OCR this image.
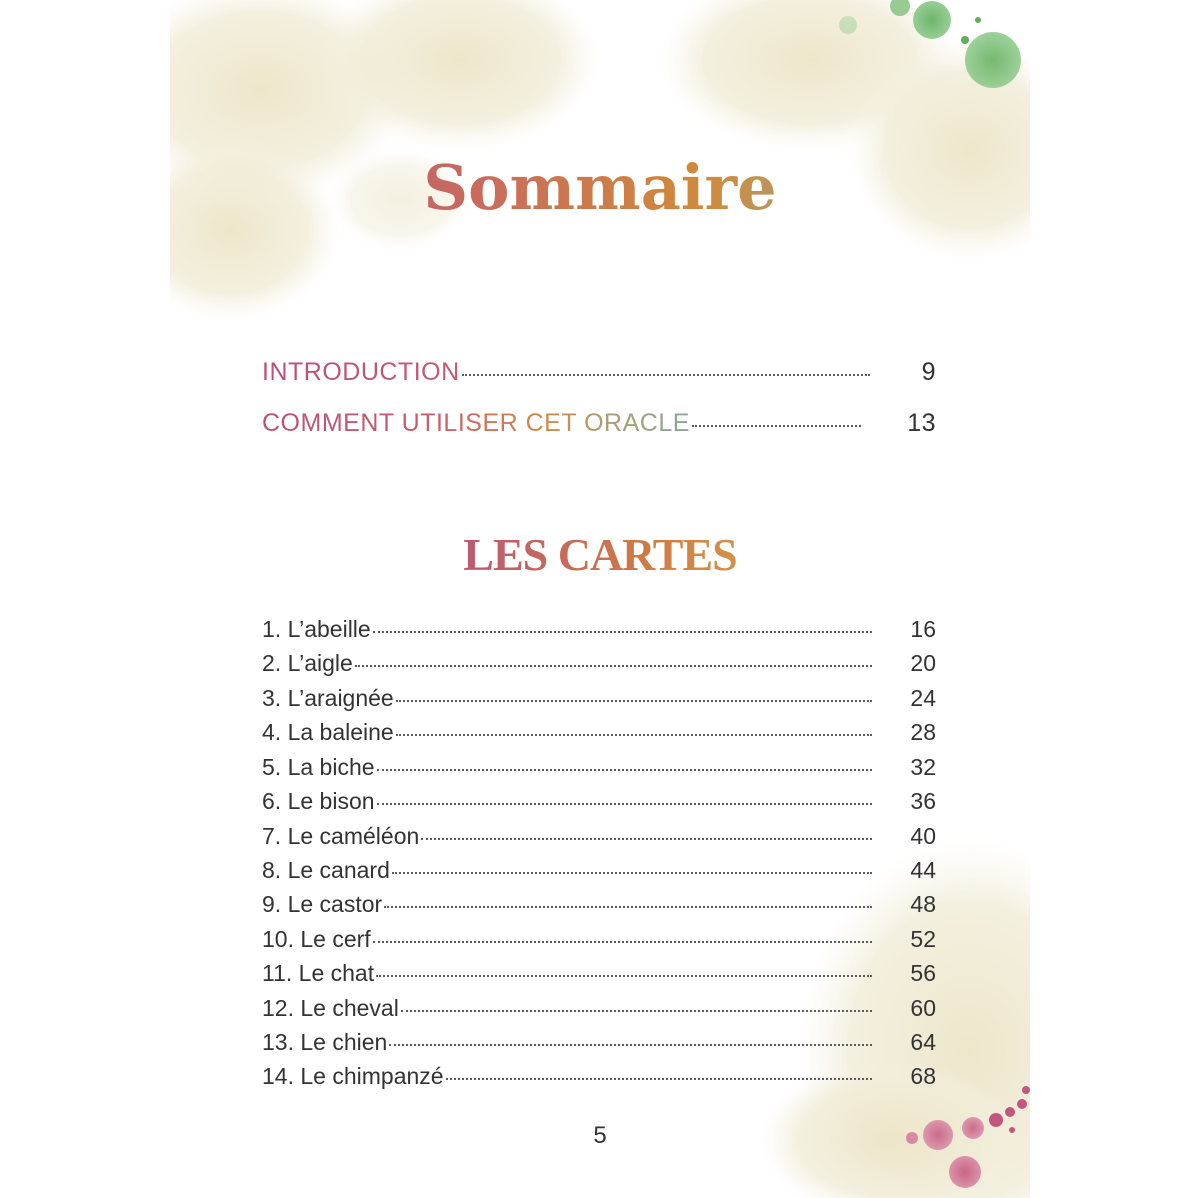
Sommaire
INTRODUCTION	9
COMMENT UTILISER CET ORACLE	13
LES CARTES
1. L’abeille	16
2. L’aigle	20
3. L’araignée	24
4. La baleine	28
5. La biche	32
6. Le bison	36
7. Le caméléon	40
8. Le canard	44
9. Le castor	48
10. Le cerf	52
11. Le chat	56
12. Le cheval	60
13. Le chien	64
14. Le chimpanzé	68
5
